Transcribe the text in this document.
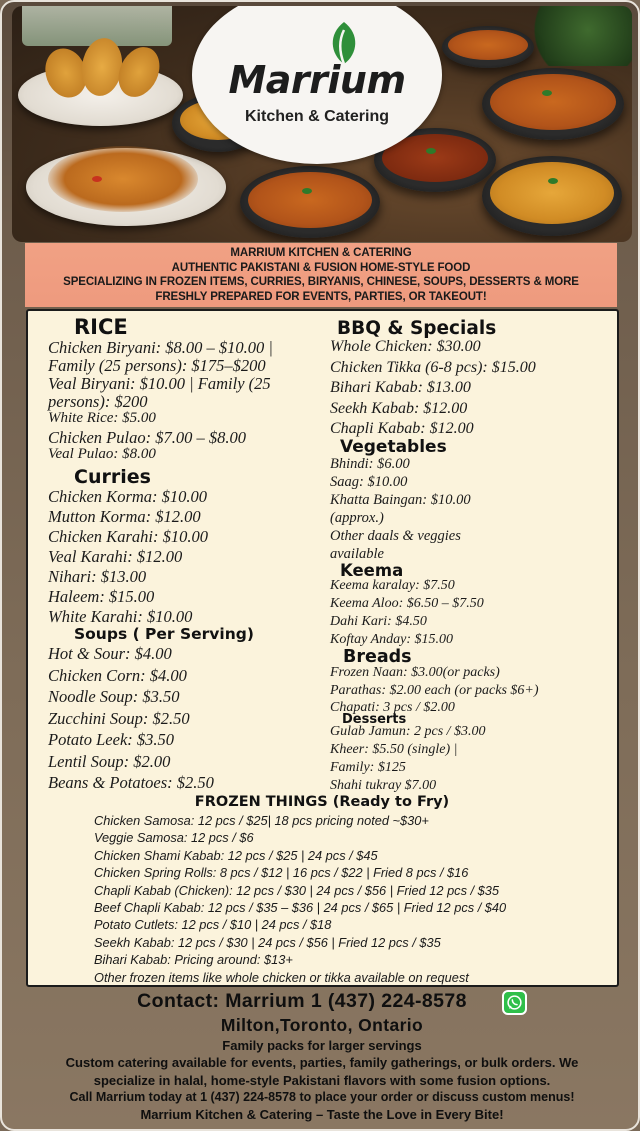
Marrium
Kitchen & Catering
MARRIUM KITCHEN & CATERING
AUTHENTIC PAKISTANI & FUSION HOME-STYLE FOOD
SPECIALIZING IN FROZEN ITEMS, CURRIES, BIRYANIS, CHINESE, SOUPS, DESSERTS & MORE
FRESHLY PREPARED FOR EVENTS, PARTIES, OR TAKEOUT!
RICE
Chicken Biryani: $8.00 – $10.00 |
Family (25 persons): $175–$200
Veal Biryani: $10.00 | Family (25
persons): $200
White Rice: $5.00
Chicken Pulao: $7.00 – $8.00
Veal Pulao: $8.00
Curries
Chicken Korma: $10.00
Mutton Korma: $12.00
Chicken Karahi: $10.00
Veal Karahi: $12.00
Nihari: $13.00
Haleem: $15.00
White Karahi: $10.00
Soups ( Per Serving)
Hot & Sour: $4.00
Chicken Corn: $4.00
Noodle Soup: $3.50
Zucchini Soup: $2.50
Potato Leek: $3.50
Lentil Soup: $2.00
Beans & Potatoes: $2.50
BBQ & Specials
Whole Chicken: $30.00
Chicken Tikka (6-8 pcs): $15.00
Bihari Kabab: $13.00
Seekh Kabab: $12.00
Chapli Kabab: $12.00
Vegetables
Bhindi: $6.00
Saag: $10.00
Khatta Baingan: $10.00
(approx.)
Other daals & veggies
available
Keema
Keema karalay: $7.50
Keema Aloo: $6.50 – $7.50
Dahi Kari: $4.50
Koftay Anday: $15.00
Breads
Frozen Naan: $3.00(or packs)
Parathas: $2.00 each (or packs $6+)
Chapati: 3 pcs / $2.00
Desserts
Gulab Jamun: 2 pcs / $3.00
Kheer: $5.50 (single) |
Family: $125
Shahi tukray $7.00
FROZEN THINGS (Ready to Fry)
Chicken Samosa: 12 pcs / $25| 18 pcs pricing noted ~$30+
Veggie Samosa: 12 pcs / $6
Chicken Shami Kabab: 12 pcs / $25 | 24 pcs / $45
Chicken Spring Rolls: 8 pcs / $12 | 16 pcs / $22 | Fried 8 pcs / $16
Chapli Kabab (Chicken): 12 pcs / $30 | 24 pcs / $56 | Fried 12 pcs / $35
Beef Chapli Kabab: 12 pcs / $35 – $36 | 24 pcs / $65 | Fried 12 pcs / $40
Potato Cutlets: 12 pcs / $10 | 24 pcs / $18
Seekh Kabab: 12 pcs / $30 | 24 pcs / $56 | Fried 12 pcs / $35
Bihari Kabab: Pricing around: $13+
Other frozen items like whole chicken or tikka available on request
Contact: Marrium 1 (437) 224-8578
Milton,Toronto, Ontario
Family packs for larger servings
Custom catering available for events, parties, family gatherings, or bulk orders. We
specialize in halal, home-style Pakistani flavors with some fusion options.
Call Marrium today at 1 (437) 224-8578 to place your order or discuss custom menus!
Marrium Kitchen & Catering – Taste the Love in Every Bite!
